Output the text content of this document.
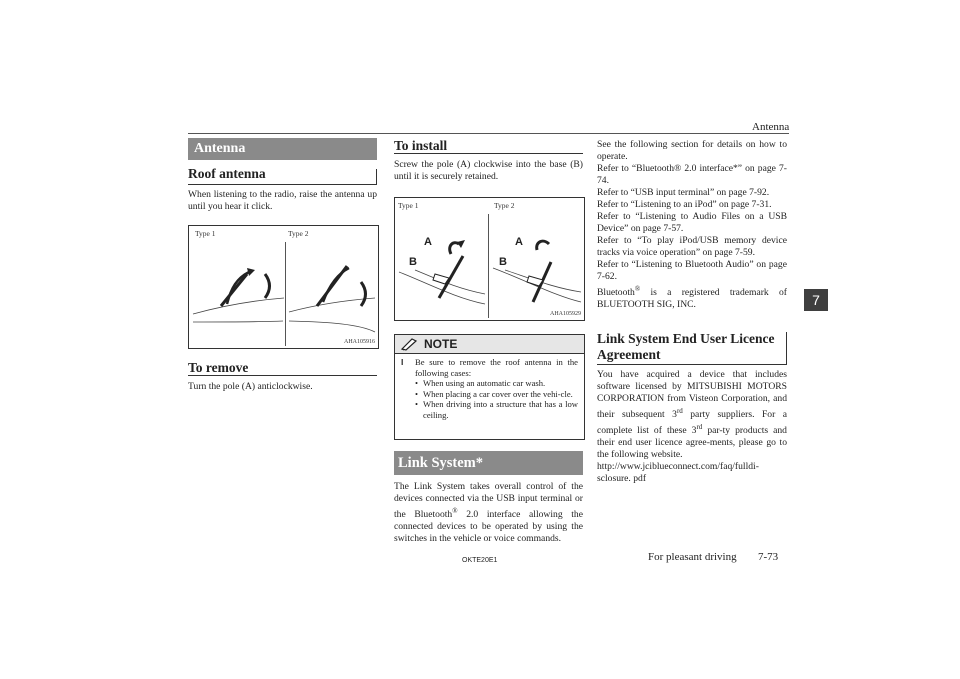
Antenna
7
Antenna
Roof antenna
When listening to the radio, raise the antenna up until you hear it click.
Type 1	Type 2
AHA105916
To remove
Turn the pole (A) anticlockwise.
To install
Screw the pole (A) clockwise into the base (B) until it is securely retained.
Type 1	Type 2
A
B
A
B
AHA105929
NOTE
l	Be sure to remove the roof antenna in the following cases:
• When using an automatic car wash.
• When placing a car cover over the vehi-cle.
• When driving into a structure that has a low ceiling.
Link System*
The Link System takes overall control of the devices connected via the USB input terminal or the Bluetooth® 2.0 interface allowing the connected devices to be operated by using the switches in the vehicle or voice commands.
See the following section for details on how to operate.
Refer to “Bluetooth® 2.0 interface*” on page 7-74.
Refer to “USB input terminal” on page 7-92.
Refer to “Listening to an iPod” on page 7-31.
Refer to “Listening to Audio Files on a USB Device” on page 7-57.
Refer to “To play iPod/USB memory device tracks via voice operation” on page 7-59.
Refer to “Listening to Bluetooth Audio” on page 7-62.
Bluetooth® is a registered trademark of BLUETOOTH SIG, INC.
Link System End User Licence Agreement
You have acquired a device that includes software licensed by MITSUBISHI MOTORS CORPORATION from Visteon Corporation, and their subsequent 3rd party suppliers. For a complete list of these 3rd par-ty products and their end user licence agree-ments, please go to the following website.
http://www.jciblueconnect.com/faq/fulldi-sclosure. pdf
OKTE20E1	For pleasant driving 7-73
